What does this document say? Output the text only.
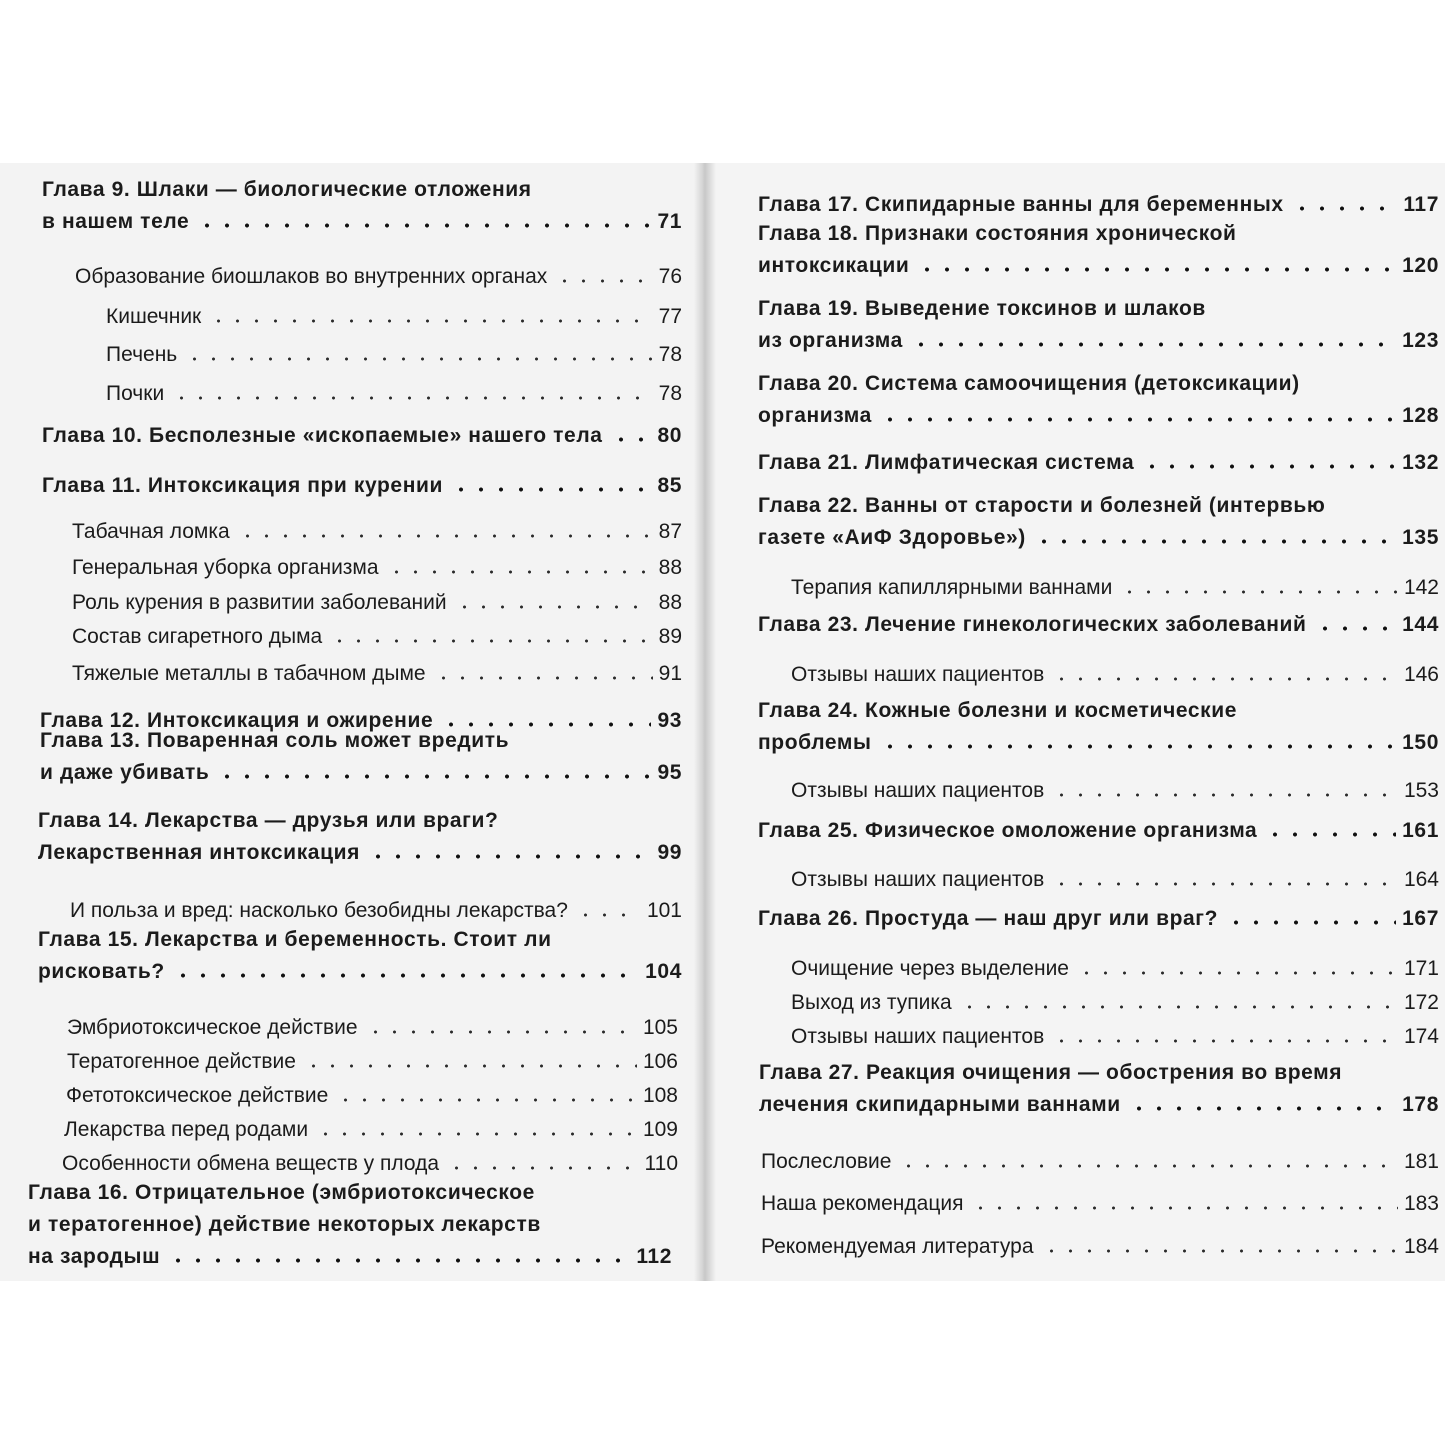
Глава 9. Шлаки — биологические отложения
в нашем теле	71
Образование биошлаков во внутренних органах	76
Кишечник	77
Печень	78
Почки	78
Глава 10. Бесполезные «ископаемые» нашего тела	80
Глава 11. Интоксикация при курении	85
Табачная ломка	87
Генеральная уборка организма	88
Роль курения в развитии заболеваний	88
Состав сигаретного дыма	89
Тяжелые металлы в табачном дыме	91
Глава 12. Интоксикация и ожирение	93
Глава 13. Поваренная соль может вредить
и даже убивать	95
Глава 14. Лекарства — друзья или враги?
Лекарственная интоксикация	99
И польза и вред: насколько безобидны лекарства?	101
Глава 15. Лекарства и беременность. Стоит ли
рисковать?	104
Эмбриотоксическое действие	105
Тератогенное действие	106
Фетотоксическое действие	108
Лекарства перед родами	109
Особенности обмена веществ у плода	110
Глава 16. Отрицательное (эмбриотоксическое
и тератогенное) действие некоторых лекарств
на зародыш	112
Глава 17. Скипидарные ванны для беременных	117
Глава 18. Признаки состояния хронической
интоксикации	120
Глава 19. Выведение токсинов и шлаков
из организма	123
Глава 20. Система самоочищения (детоксикации)
организма	128
Глава 21. Лимфатическая система	132
Глава 22. Ванны от старости и болезней (интервью
газете «АиФ Здоровье»)	135
Терапия капиллярными ваннами	142
Глава 23. Лечение гинекологических заболеваний	144
Отзывы наших пациентов	146
Глава 24. Кожные болезни и косметические
проблемы	150
Отзывы наших пациентов	153
Глава 25. Физическое омоложение организма	161
Отзывы наших пациентов	164
Глава 26. Простуда — наш друг или враг?	167
Очищение через выделение	171
Выход из тупика	172
Отзывы наших пациентов	174
Глава 27. Реакция очищения — обострения во время
лечения скипидарными ваннами	178
Послесловие	181
Наша рекомендация	183
Рекомендуемая литература	184
